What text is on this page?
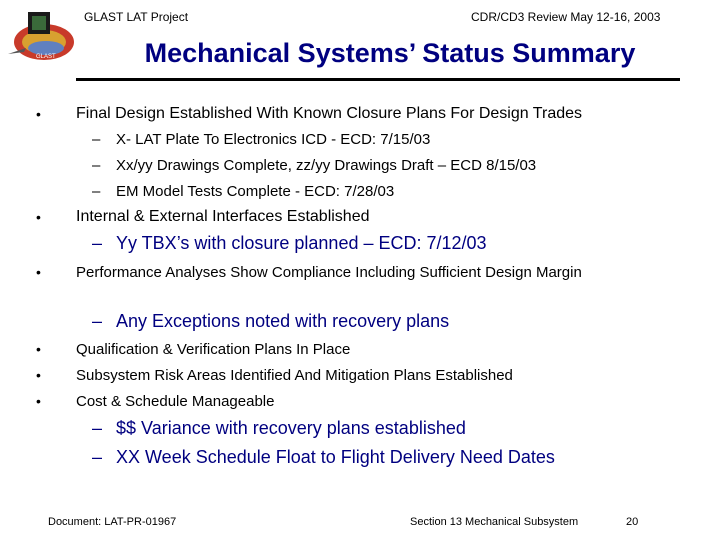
GLAST
GLAST LAT Project	CDR/CD3 Review May 12-16, 2003
Mechanical Systems’ Status Summary
• Final Design Established With Known Closure Plans For Design Trades
– X- LAT Plate To Electronics ICD - ECD: 7/15/03
– Xx/yy Drawings Complete, zz/yy Drawings Draft – ECD 8/15/03
– EM Model Tests Complete - ECD: 7/28/03
• Internal & External Interfaces Established
– Yy TBX’s with closure planned – ECD: 7/12/03
• Performance Analyses Show Compliance Including Sufficient Design Margin
– Any Exceptions noted with recovery plans
• Qualification & Verification Plans In Place
• Subsystem Risk Areas Identified And Mitigation Plans Established
• Cost & Schedule Manageable
– $$ Variance with recovery plans established
– XX Week Schedule Float to Flight Delivery Need Dates
Document: LAT-PR-01967	Section 13 Mechanical Subsystem	20
